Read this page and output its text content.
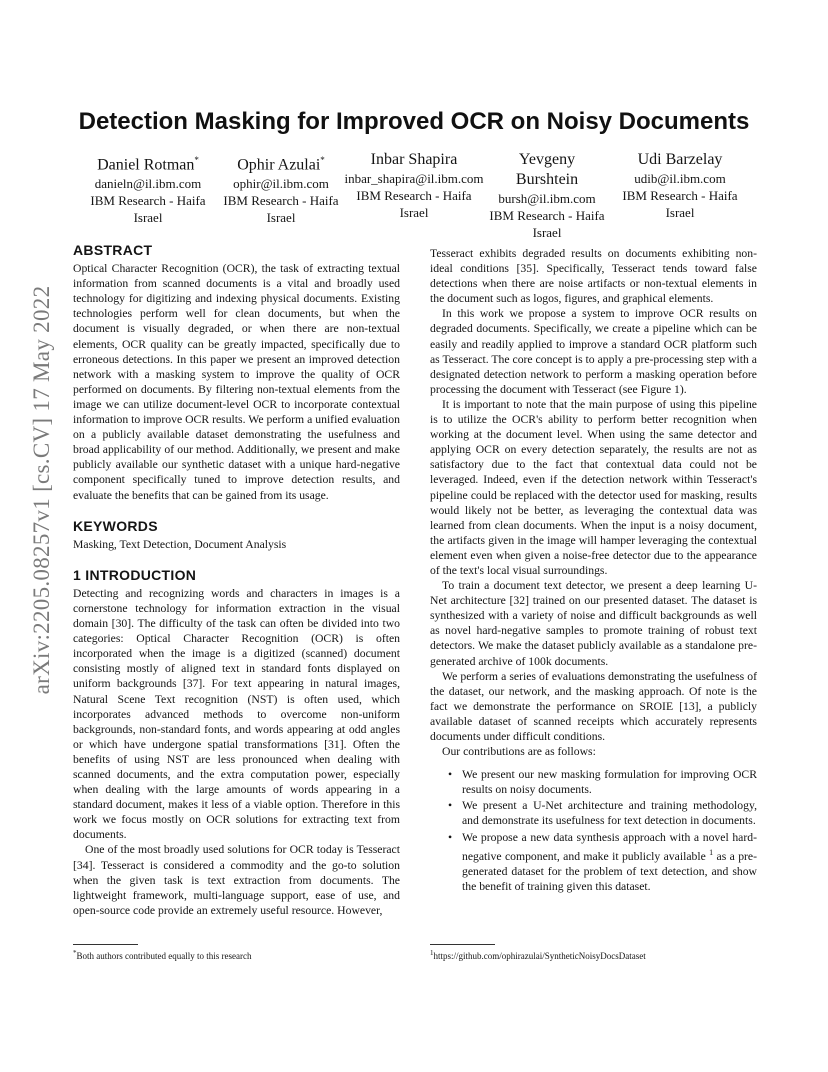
arXiv:2205.08257v1 [cs.CV] 17 May 2022
Detection Masking for Improved OCR on Noisy Documents
Daniel Rotman*
danieln@il.ibm.com
IBM Research - Haifa
Israel
Ophir Azulai*
ophir@il.ibm.com
IBM Research - Haifa
Israel
Inbar Shapira
inbar_shapira@il.ibm.com
IBM Research - Haifa
Israel
Yevgeny Burshtein
bursh@il.ibm.com
IBM Research - Haifa
Israel
Udi Barzelay
udib@il.ibm.com
IBM Research - Haifa
Israel
ABSTRACT

Optical Character Recognition (OCR), the task of extracting textual information from scanned documents is a vital and broadly used technology for digitizing and indexing physical documents. Existing technologies perform well for clean documents, but when the document is visually degraded, or when there are non-textual elements, OCR quality can be greatly impacted, specifically due to erroneous detections. In this paper we present an improved detection network with a masking system to improve the quality of OCR performed on documents. By filtering non-textual elements from the image we can utilize document-level OCR to incorporate contextual information to improve OCR results. We perform a unified evaluation on a publicly available dataset demonstrating the usefulness and broad applicability of our method. Additionally, we present and make publicly available our synthetic dataset with a unique hard-negative component specifically tuned to improve detection results, and evaluate the benefits that can be gained from its usage.

KEYWORDS

Masking, Text Detection, Document Analysis

1 INTRODUCTION

Detecting and recognizing words and characters in images is a cornerstone technology for information extraction in the visual domain [30]. The difficulty of the task can often be divided into two categories: Optical Character Recognition (OCR) is often incorporated when the image is a digitized (scanned) document consisting mostly of aligned text in standard fonts displayed on uniform backgrounds [37]. For text appearing in natural images, Natural Scene Text recognition (NST) is often used, which incorporates advanced methods to overcome non-uniform backgrounds, non-standard fonts, and words appearing at odd angles or which have undergone spatial transformations [31]. Often the benefits of using NST are less pronounced when dealing with scanned documents, and the extra computation power, especially when dealing with the large amounts of words appearing in a standard document, makes it less of a viable option. Therefore in this work we focus mostly on OCR solutions for extracting text from documents.

One of the most broadly used solutions for OCR today is Tesseract [34]. Tesseract is considered a commodity and the go-to solution when the given task is text extraction from documents. The lightweight framework, multi-language support, ease of use, and open-source code provide an extremely useful resource. However,

Tesseract exhibits degraded results on documents exhibiting non-ideal conditions [35]. Specifically, Tesseract tends toward false detections when there are noise artifacts or non-textual elements in the document such as logos, figures, and graphical elements.

In this work we propose a system to improve OCR results on degraded documents. Specifically, we create a pipeline which can be easily and readily applied to improve a standard OCR platform such as Tesseract. The core concept is to apply a pre-processing step with a designated detection network to perform a masking operation before processing the document with Tesseract (see Figure 1).

It is important to note that the main purpose of using this pipeline is to utilize the OCR's ability to perform better recognition when working at the document level. When using the same detector and applying OCR on every detection separately, the results are not as satisfactory due to the fact that contextual data could not be leveraged. Indeed, even if the detection network within Tesseract's pipeline could be replaced with the detector used for masking, results would likely not be better, as leveraging the contextual data was learned from clean documents. When the input is a noisy document, the artifacts given in the image will hamper leveraging the contextual element even when given a noise-free detector due to the appearance of the text's local visual surroundings.

To train a document text detector, we present a deep learning U-Net architecture [32] trained on our presented dataset. The dataset is synthesized with a variety of noise and difficult backgrounds as well as novel hard-negative samples to promote training of robust text detectors. We make the dataset publicly available as a standalone pre-generated archive of 100k documents.

We perform a series of evaluations demonstrating the usefulness of the dataset, our network, and the masking approach. Of note is the fact we demonstrate the performance on SROIE [13], a publicly available dataset of scanned receipts which accurately represents documents under difficult conditions.

Our contributions are as follows:

• We present our new masking formulation for improving OCR results on noisy documents.
• We present a U-Net architecture and training methodology, and demonstrate its usefulness for text detection in documents.
• We propose a new data synthesis approach with a novel hard-negative component, and make it publicly available $^1$ as a pre-generated dataset for the problem of text detection, and show the benefit of training given this dataset.
*Both authors contributed equally to this research	$^1$https://github.com/ophirazulai/SyntheticNoisyDocsDataset
